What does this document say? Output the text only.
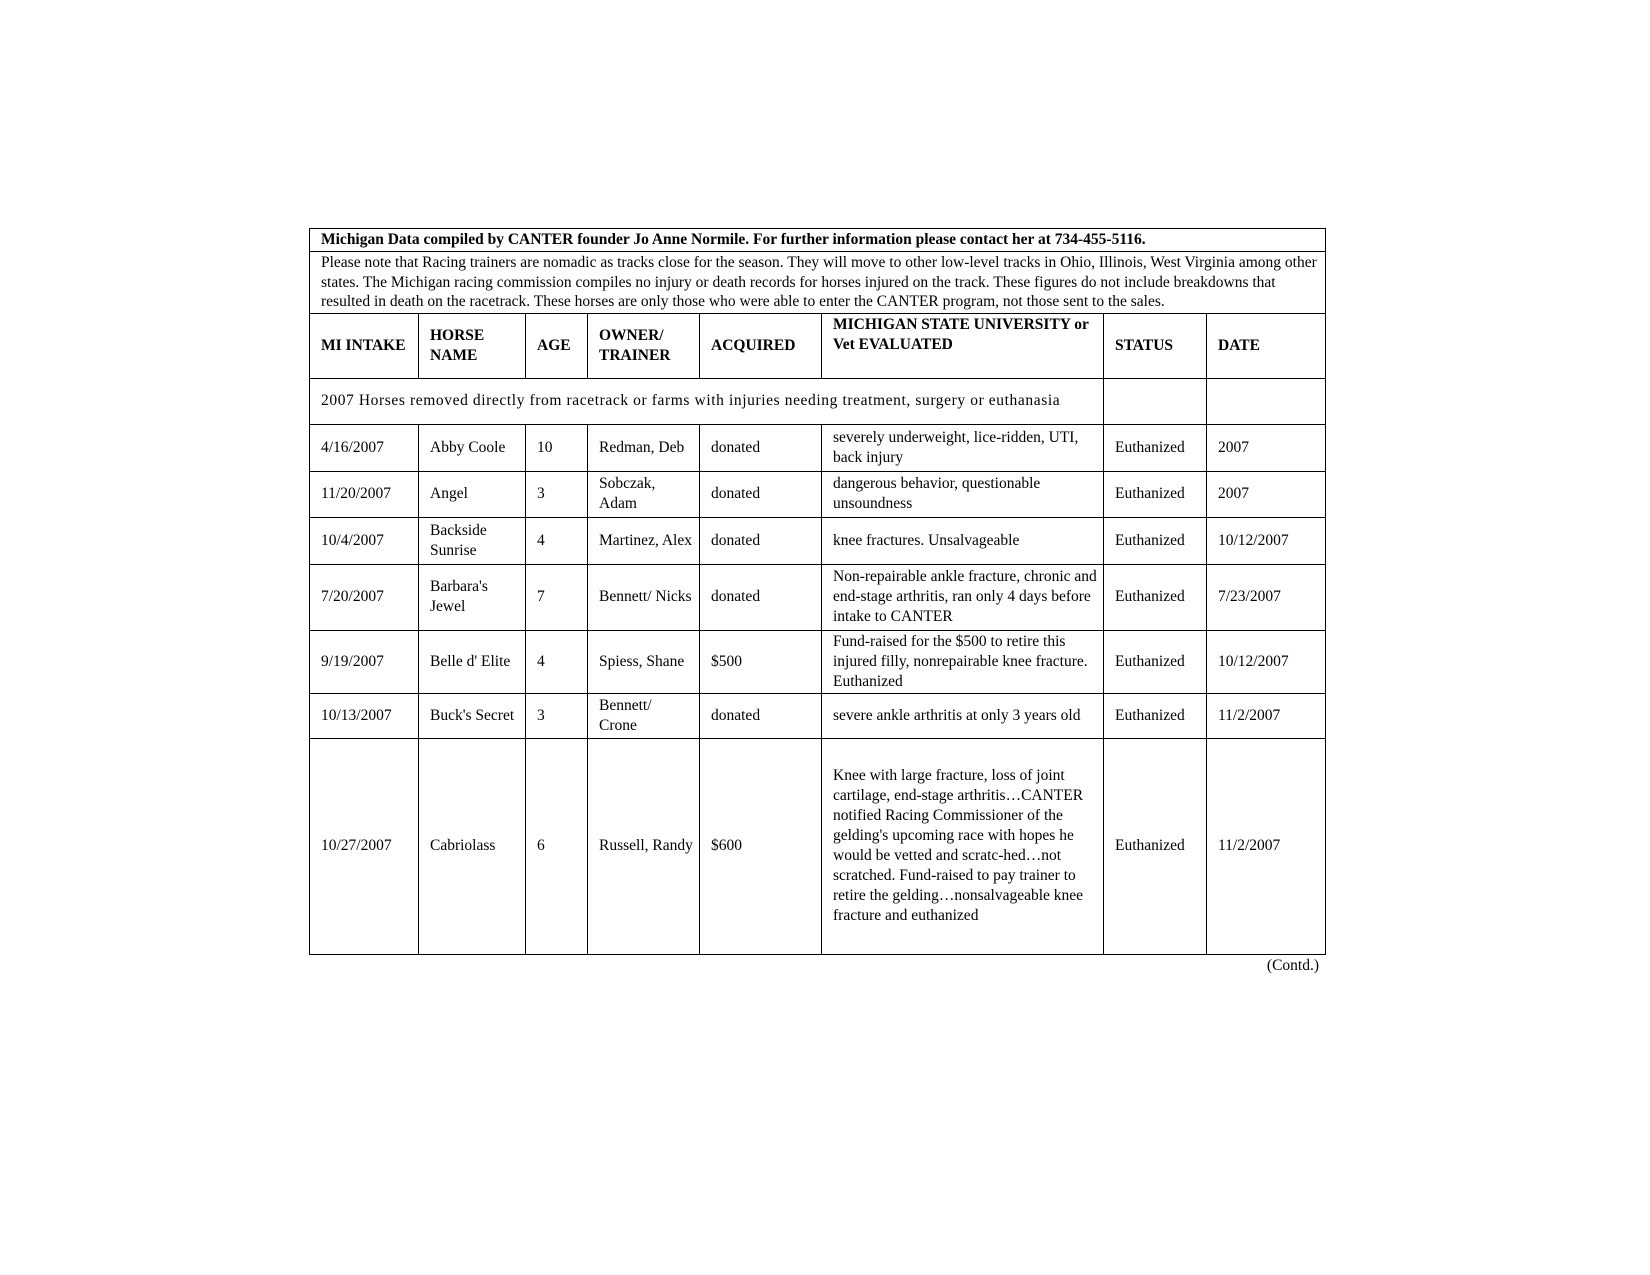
Michigan Data compiled by CANTER founder Jo Anne Normile. For further information please contact her at 734-455-5116.							
Please note that Racing trainers are nomadic as tracks close for the season. They will move to other low-level tracks in Ohio, Illinois, West Virginia among other states. The Michigan racing commission compiles no injury or death records for horses injured on the track. These figures do not include breakdowns that resulted in death on the racetrack. These horses are only those who were able to enter the CANTER program, not those sent to the sales.							
MI INTAKE	HORSE NAME	AGE	OWNER/ TRAINER	ACQUIRED	MICHIGAN STATE UNIVERSITY or Vet EVALUATED	STATUS	DATE
2007 Horses removed directly from racetrack or farms with injuries needing treatment, surgery or euthanasia							
4/16/2007	Abby Coole	10	Redman, Deb	donated	severely underweight, lice-ridden, UTI, back injury	Euthanized	2007
11/20/2007	Angel	3	Sobczak, Adam	donated	dangerous behavior, questionable unsoundness	Euthanized	2007
10/4/2007	Backside Sunrise	4	Martinez, Alex	donated	knee fractures. Unsalvageable	Euthanized	10/12/2007
7/20/2007	Barbara's Jewel	7	Bennett/ Nicks	donated	Non-repairable ankle fracture, chronic and end-stage arthritis, ran only 4 days before intake to CANTER	Euthanized	7/23/2007
9/19/2007	Belle d' Elite	4	Spiess, Shane	$500	Fund-raised for the $500 to retire this injured filly, nonrepairable knee fracture. Euthanized	Euthanized	10/12/2007
10/13/2007	Buck's Secret	3	Bennett/ Crone	donated	severe ankle arthritis at only 3 years old	Euthanized	11/2/2007
10/27/2007	Cabriolass	6	Russell, Randy	$600	Knee with large fracture, loss of joint cartilage, end-stage arthritis…CANTER notified Racing Commissioner of the gelding's upcoming race with hopes he would be vetted and scratc-hed…not scratched. Fund-raised to pay trainer to retire the gelding…nonsalvageable knee fracture and euthanized	Euthanized	11/2/2007
(Contd.)
